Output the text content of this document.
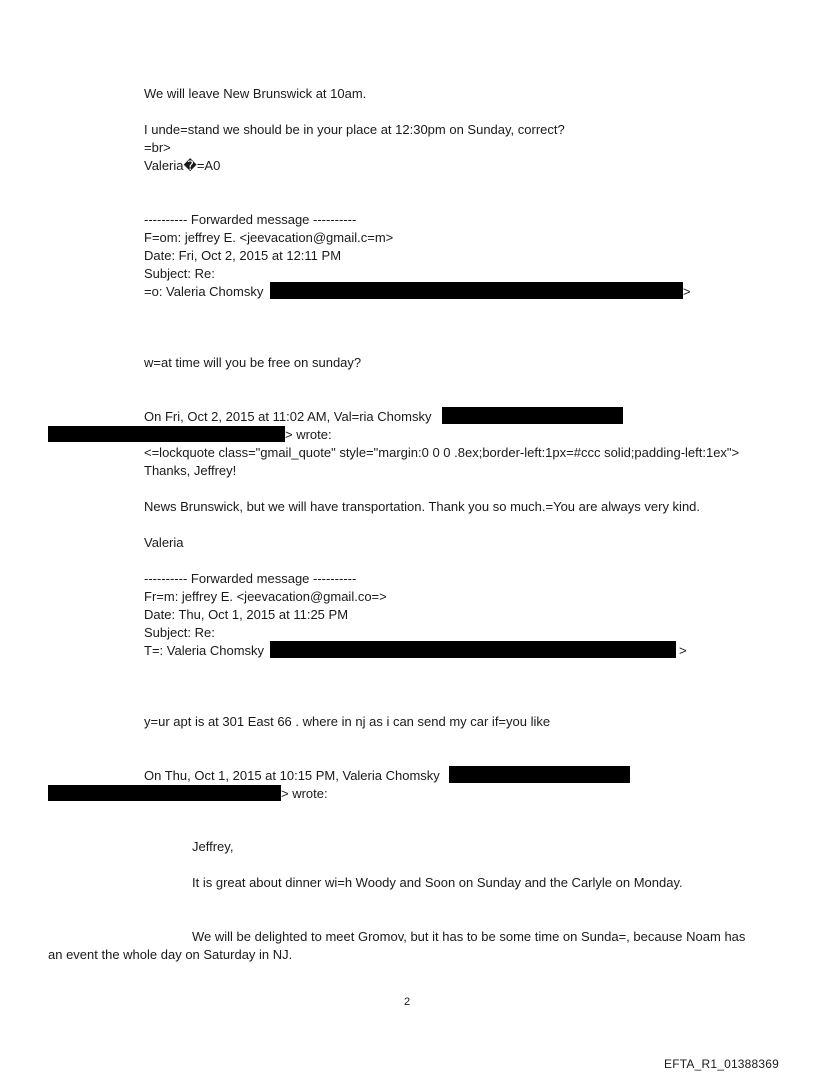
We will leave New Brunswick at 10am.
I unde=stand we should be in your place at 12:30pm on Sunday, correct?
=br>
Valeria�=A0
---------- Forwarded message ----------
F=om: jeffrey E. <jeevacation@gmail.c=m>
Date: Fri, Oct 2, 2015 at 12:11 PM
Subject: Re:
=o: Valeria Chomsky	>
w=at time will you be free on sunday?
On Fri, Oct 2, 2015 at 11:02 AM, Val=ria Chomsky
> wrote:
<=lockquote class="gmail_quote" style="margin:0 0 0 .8ex;border-left:1px=#ccc solid;padding-left:1ex">
Thanks, Jeffrey!
News Brunswick, but we will have transportation. Thank you so much.=You are always very kind.
Valeria
---------- Forwarded message ----------
Fr=m: jeffrey E. <jeevacation@gmail.co=>
Date: Thu, Oct 1, 2015 at 11:25 PM
Subject: Re:
T=: Valeria Chomsky	>
y=ur apt is at 301 East 66 . where in nj as i can send my car if=you like
On Thu, Oct 1, 2015 at 10:15 PM, Valeria Chomsky
> wrote:
Jeffrey,
It is great about dinner wi=h Woody and Soon on Sunday and the Carlyle on Monday.
We will be delighted to meet Gromov, but it has to be some time on Sunda=, because Noam has
an event the whole day on Saturday in NJ.
2
EFTA_R1_01388369
